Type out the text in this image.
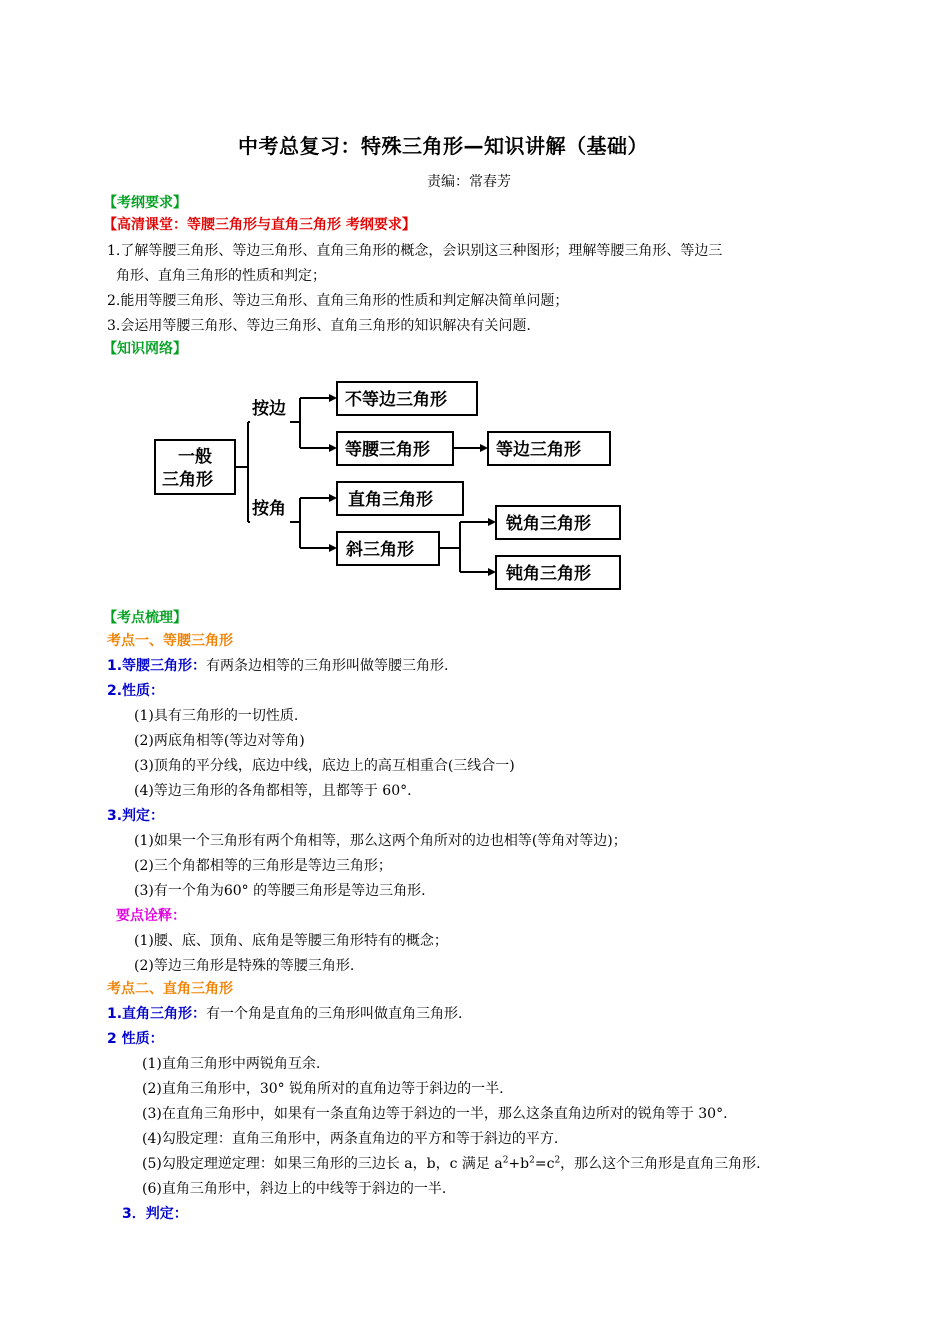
中考总复习：特殊三角形—知识讲解（基础）
责编：常春芳
【考纲要求】
【高清课堂：等腰三角形与直角三角形 考纲要求】
1.了解等腰三角形、等边三角形、直角三角形的概念，会识别这三种图形；理解等腰三角形、等边三
角形、直角三角形的性质和判定；
2.能用等腰三角形、等边三角形、直角三角形的性质和判定解决简单问题；
3.会运用等腰三角形、等边三角形、直角三角形的知识解决有关问题.
【知识网络】
一般
三角形
按边
按角
不等边三角形
等腰三角形	等边三角形
直角三角形
斜三角形
锐角三角形
钝角三角形
【考点梳理】
考点一、等腰三角形
1.等腰三角形：有两条边相等的三角形叫做等腰三角形.
2.性质：
(1)具有三角形的一切性质.
(2)两底角相等(等边对等角)
(3)顶角的平分线，底边中线，底边上的高互相重合(三线合一)
(4)等边三角形的各角都相等，且都等于 60°.
3.判定：
(1)如果一个三角形有两个角相等，那么这两个角所对的边也相等(等角对等边)；
(2)三个角都相等的三角形是等边三角形；
(3)有一个角为60° 的等腰三角形是等边三角形.
要点诠释：
(1)腰、底、顶角、底角是等腰三角形特有的概念；
(2)等边三角形是特殊的等腰三角形.
考点二、直角三角形
1.直角三角形：有一个角是直角的三角形叫做直角三角形.
2 性质：
(1)直角三角形中两锐角互余.
(2)直角三角形中，30° 锐角所对的直角边等于斜边的一半.
(3)在直角三角形中，如果有一条直角边等于斜边的一半，那么这条直角边所对的锐角等于 30°.
(4)勾股定理：直角三角形中，两条直角边的平方和等于斜边的平方.
(5)勾股定理逆定理：如果三角形的三边长 a，b，c 满足 $a^2+b^2=c^2$，那么这个三角形是直角三角形.
(6)直角三角形中，斜边上的中线等于斜边的一半.
3．判定：
